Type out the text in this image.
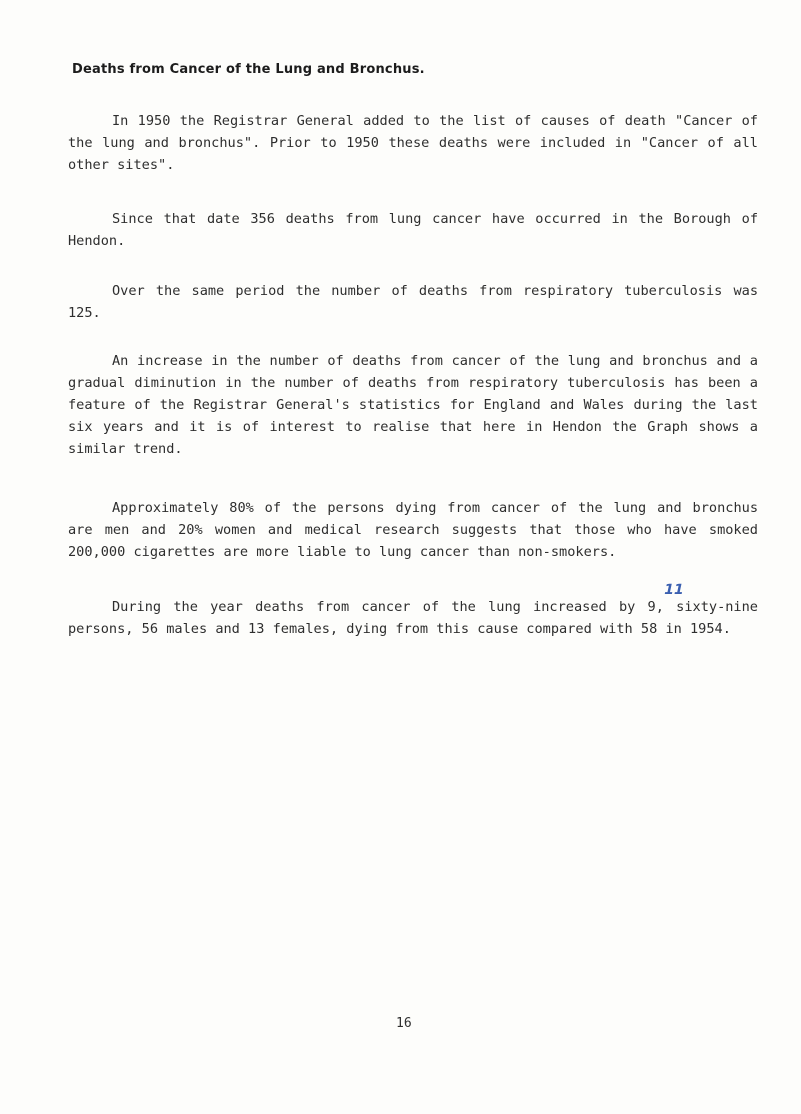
Deaths from Cancer of the Lung and Bronchus.

In 1950 the Registrar General added to the list of causes of death "Cancer of the lung and bronchus". Prior to 1950 these deaths were included in "Cancer of all other sites".

Since that date 356 deaths from lung cancer have occurred in the Borough of Hendon.

Over the same period the number of deaths from respiratory tuberculosis was 125.

An increase in the number of deaths from cancer of the lung and bronchus and a gradual diminution in the number of deaths from respiratory tuberculosis has been a feature of the Registrar General's statistics for England and Wales during the last six years and it is of interest to realise that here in Hendon the Graph shows a similar trend.

Approximately 80% of the persons dying from cancer of the lung and bronchus are men and 20% women and medical research suggests that those who have smoked 200,000 cigarettes are more liable to lung cancer than non-smokers.

11

During the year deaths from cancer of the lung increased by 9, sixty-nine persons, 56 males and 13 females, dying from this cause compared with 58 in 1954.

16
